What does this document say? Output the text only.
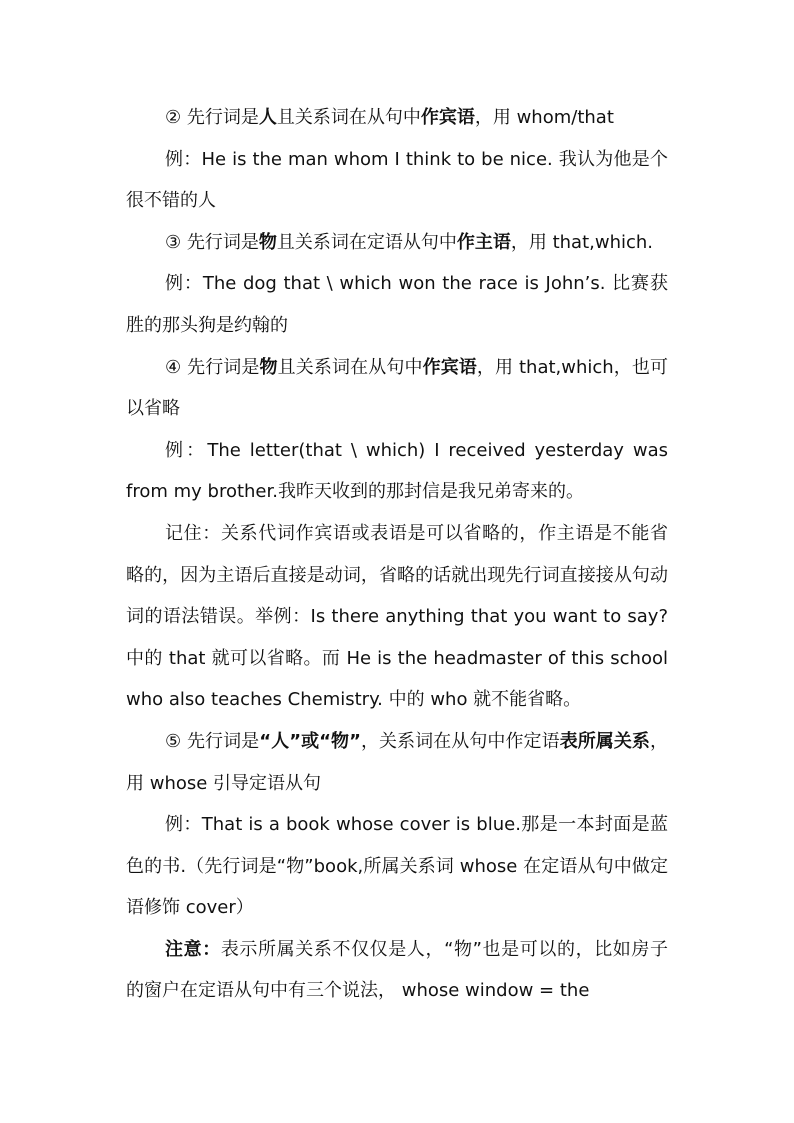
② 先行词是人且关系词在从句中作宾语，用 whom/that

例：He is the man whom I think to be nice. 我认为他是个很不错的人

③ 先行词是物且关系词在定语从句中作主语，用 that,which.

例：The dog that \ which won the race is John’s. 比赛获胜的那头狗是约翰的

④ 先行词是物且关系词在从句中作宾语，用 that,which，也可以省略

例：The letter(that \ which) I received yesterday was from my brother.我昨天收到的那封信是我兄弟寄来的。

记住：关系代词作宾语或表语是可以省略的，作主语是不能省略的，因为主语后直接是动词，省略的话就出现先行词直接接从句动词的语法错误。举例：Is there anything that you want to say? 中的 that 就可以省略。而 He is the headmaster of this school who also teaches Chemistry. 中的 who 就不能省略。

⑤ 先行词是“人”或“物”，关系词在从句中作定语表所属关系，用 whose 引导定语从句

例：That is a book whose cover is blue.那是一本封面是蓝色的书.（先行词是“物”book,所属关系词 whose 在定语从句中做定语修饰 cover）

注意：表示所属关系不仅仅是人，“物”也是可以的，比如房子的窗户在定语从句中有三个说法， whose window = the
